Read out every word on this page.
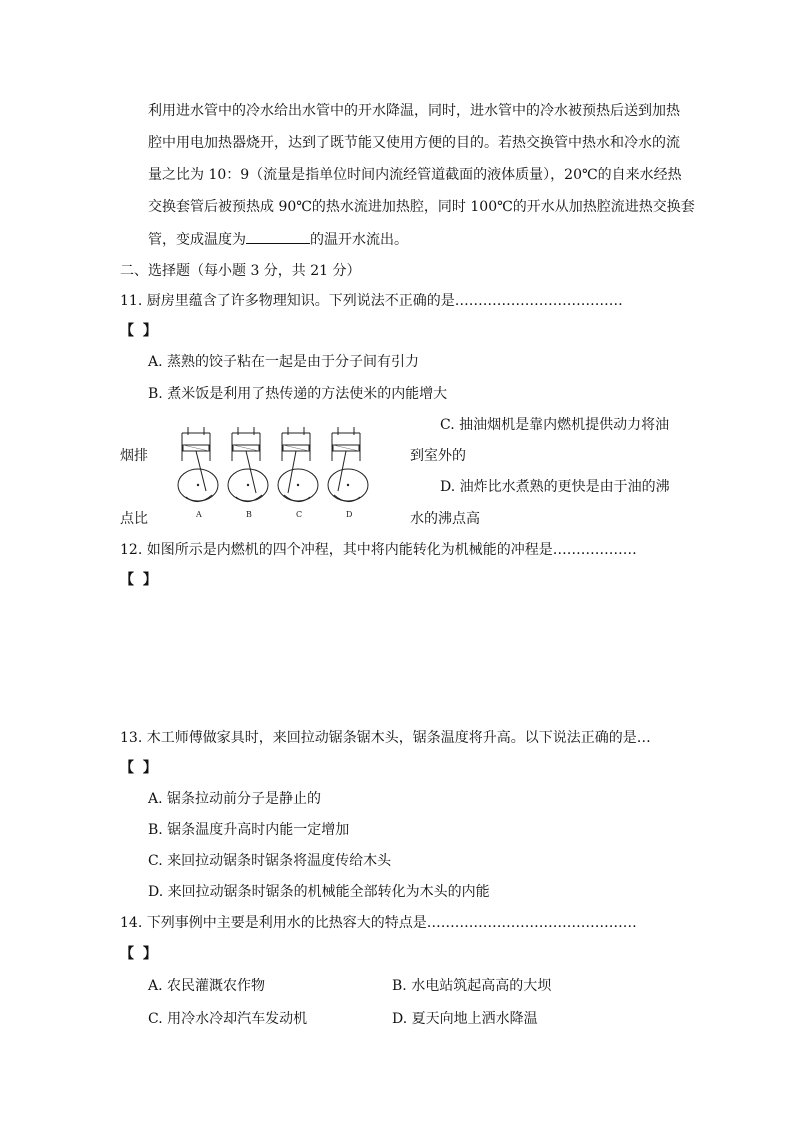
利用进水管中的冷水给出水管中的开水降温，同时，进水管中的冷水被预热后送到加热
腔中用电加热器烧开，达到了既节能又使用方便的目的。若热交换管中热水和冷水的流
量之比为 10：9（流量是指单位时间内流经管道截面的液体质量），20℃的自来水经热
交换套管后被预热成 90℃的热水流进加热腔，同时 100℃的开水从加热腔流进热交换套
管，变成温度为	的温开水流出。
二、选择题（每小题 3 分，共 21 分）
11. 厨房里蕴含了许多物理知识。下列说法不正确的是………………………………
【 】
A. 蒸熟的饺子粘在一起是由于分子间有引力
B. 煮米饭是利用了热传递的方法使米的内能增大
C. 抽油烟机是靠内燃机提供动力将油
烟排	到室外的
D. 油炸比水煮熟的更快是由于油的沸
点比	水的沸点高
A	B	C	D
12. 如图所示是内燃机的四个冲程，其中将内能转化为机械能的冲程是………………
【 】
13. 木工师傅做家具时，来回拉动锯条锯木头，锯条温度将升高。以下说法正确的是…
【 】
A. 锯条拉动前分子是静止的
B. 锯条温度升高时内能一定增加
C. 来回拉动锯条时锯条将温度传给木头
D. 来回拉动锯条时锯条的机械能全部转化为木头的内能
14. 下列事例中主要是利用水的比热容大的特点是………………………………………
【 】
A. 农民灌溉农作物	B. 水电站筑起高高的大坝
C. 用冷水冷却汽车发动机	D. 夏天向地上洒水降温
